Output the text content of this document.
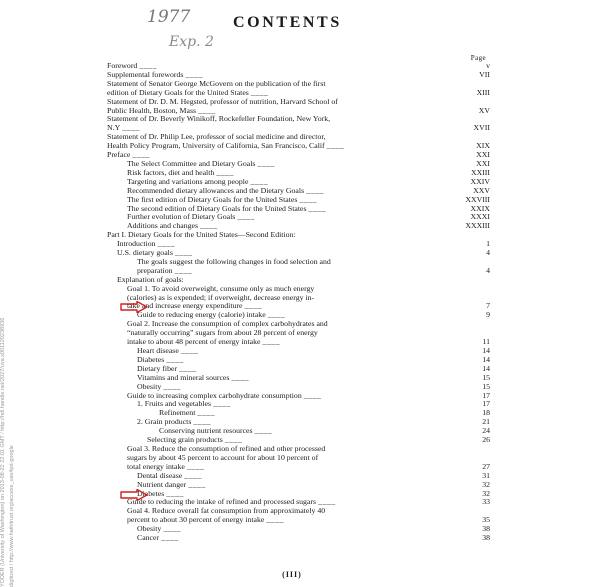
1977
Exp. 2
CONTENTS
Page
Foreword ____	v
Supplemental forewords ____	VII
Statement of Senator George McGovern on the publication of the first
edition of Dietary Goals for the United States ____	XIII
Statement of Dr. D. M. Hegsted, professor of nutrition, Harvard School of
Public Health, Boston, Mass ____	XV
Statement of Dr. Beverly Winikoff, Rockefeller Foundation, New York,
N.Y ____	XVII
Statement of Dr. Philip Lee, professor of social medicine and director,
Health Policy Program, University of California, San Francisco, Calif ____	XIX
Preface ____	XXI
The Select Committee and Dietary Goals ____	XXI
Risk factors, diet and health ____	XXIII
Targeting and variations among people ____	XXIV
Recommended dietary allowances and the Dietary Goals ____	XXV
The first edition of Dietary Goals for the United States ____	XXVIII
The second edition of Dietary Goals for the United States ____	XXIX
Further evolution of Dietary Goals ____	XXXI
Additions and changes ____	XXXIII
Part I. Dietary Goals for the United States—Second Edition:
Introduction ____	1
U.S. dietary goals ____	4
The goals suggest the following changes in food selection and
preparation ____	4
Explanation of goals:
Goal 1. To avoid overweight, consume only as much energy
(calories) as is expended; if overweight, decrease energy in-
take and increase energy expenditure ____	7
Guide to reducing energy (calorie) intake ____	9
Goal 2. Increase the consumption of complex carbohydrates and
“naturally occurring” sugars from about 28 percent of energy
intake to about 48 percent of energy intake ____	11
Heart disease ____	14
Diabetes ____	14
Dietary fiber ____	14
Vitamins and mineral sources ____	15
Obesity ____	15
Guide to increasing complex carbohydrate consumption ____	17
1. Fruits and vegetables ____	17
Refinement ____	18
2. Grain products ____	21
Conserving nutrient resources ____	24
Selecting grain products ____	26
Goal 3. Reduce the consumption of refined and other processed
sugars by about 45 percent to account for about 10 percent of
total energy intake ____	27
Dental disease ____	31
Nutrient danger ____	32
Diabetes ____	32
Guide to reducing the intake of refined and processed sugars ____	33
Goal 4. Reduce overall fat consumption from approximately 40
percent to about 30 percent of energy intake ____	35
Obesity ____	38
Cancer ____	38
(III)
YODER (University of Washington) on 2013-08-22 22:01 GMT / http://hdl.handle.net/2027/uva.x001120238936 digitized / http://www.hathitrust.org/access_use#pd-google
